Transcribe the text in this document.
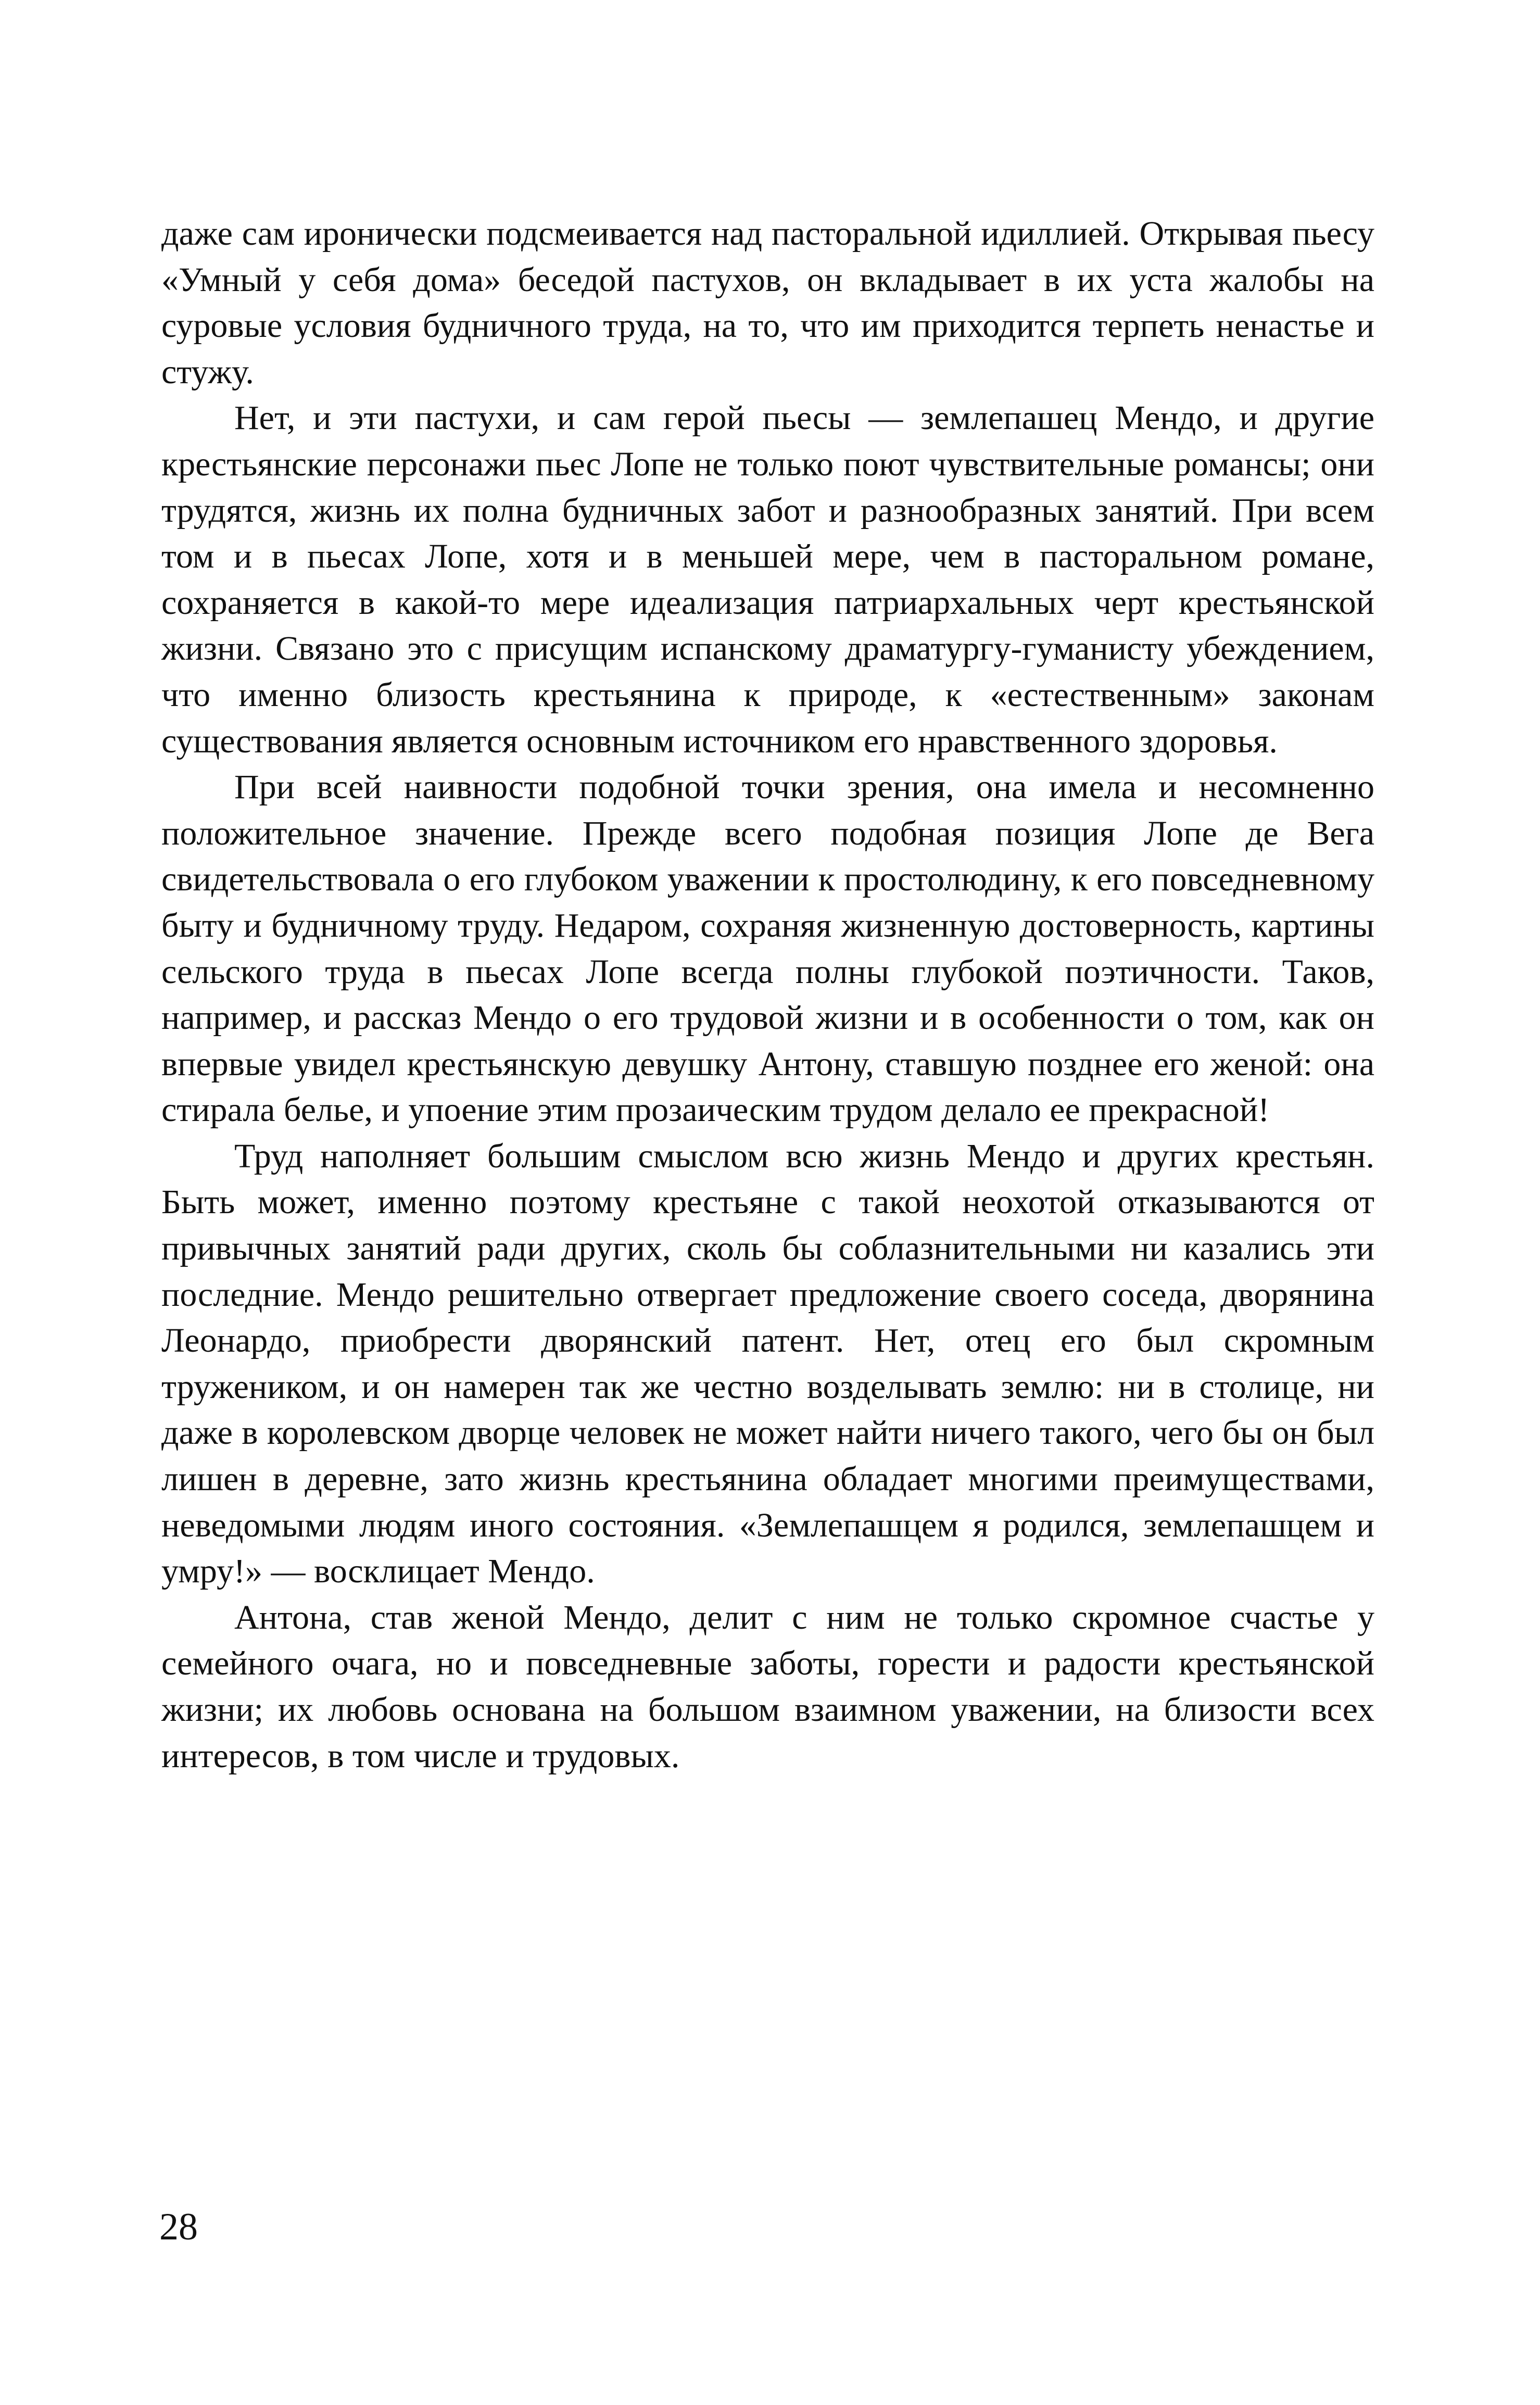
даже сам иронически подсмеивается над пасторальной идиллией. Открывая пьесу «Умный у себя дома» беседой пастухов, он вкладывает в их уста жалобы на суровые условия будничного труда, на то, что им приходится терпеть ненастье и стужу.

Нет, и эти пастухи, и сам герой пьесы — землепашец Мендо, и другие крестьянские персонажи пьес Лопе не только поют чувствительные романсы; они трудятся, жизнь их полна будничных забот и разнообразных занятий. При всем том и в пьесах Лопе, хотя и в меньшей мере, чем в пасторальном романе, сохраняется в какой-то мере идеализация патриархальных черт крестьянской жизни. Связано это с присущим испанскому драматургу-гуманисту убеждением, что именно близость крестьянина к природе, к «естественным» законам существования является основным источником его нравственного здоровья.

При всей наивности подобной точки зрения, она имела и несомненно положительное значение. Прежде всего подобная позиция Лопе де Вега свидетельствовала о его глубоком уважении к простолюдину, к его повседневному быту и будничному труду. Недаром, сохраняя жизненную достоверность, картины сельского труда в пьесах Лопе всегда полны глубокой поэтичности. Таков, например, и рассказ Мендо о его трудовой жизни и в особенности о том, как он впервые увидел крестьянскую девушку Антону, ставшую позднее его женой: она стирала белье, и упоение этим прозаическим трудом делало ее прекрасной!

Труд наполняет большим смыслом всю жизнь Мендо и других крестьян. Быть может, именно поэтому крестьяне с такой неохотой отказываются от привычных занятий ради других, сколь бы соблазнительными ни казались эти последние. Мендо решительно отвергает предложение своего соседа, дворянина Леонардо, приобрести дворянский патент. Нет, отец его был скромным тружеником, и он намерен так же честно возделывать землю: ни в столице, ни даже в королевском дворце человек не может найти ничего такого, чего бы он был лишен в деревне, зато жизнь крестьянина обладает многими преимуществами, неведомыми людям иного состояния. «Землепашцем я родился, землепашцем и умру!» — восклицает Мендо.

Антона, став женой Мендо, делит с ним не только скромное счастье у семейного очага, но и повседневные заботы, горести и радости крестьянской жизни; их любовь основана на большом взаимном уважении, на близости всех интересов, в том числе и трудовых.

28
